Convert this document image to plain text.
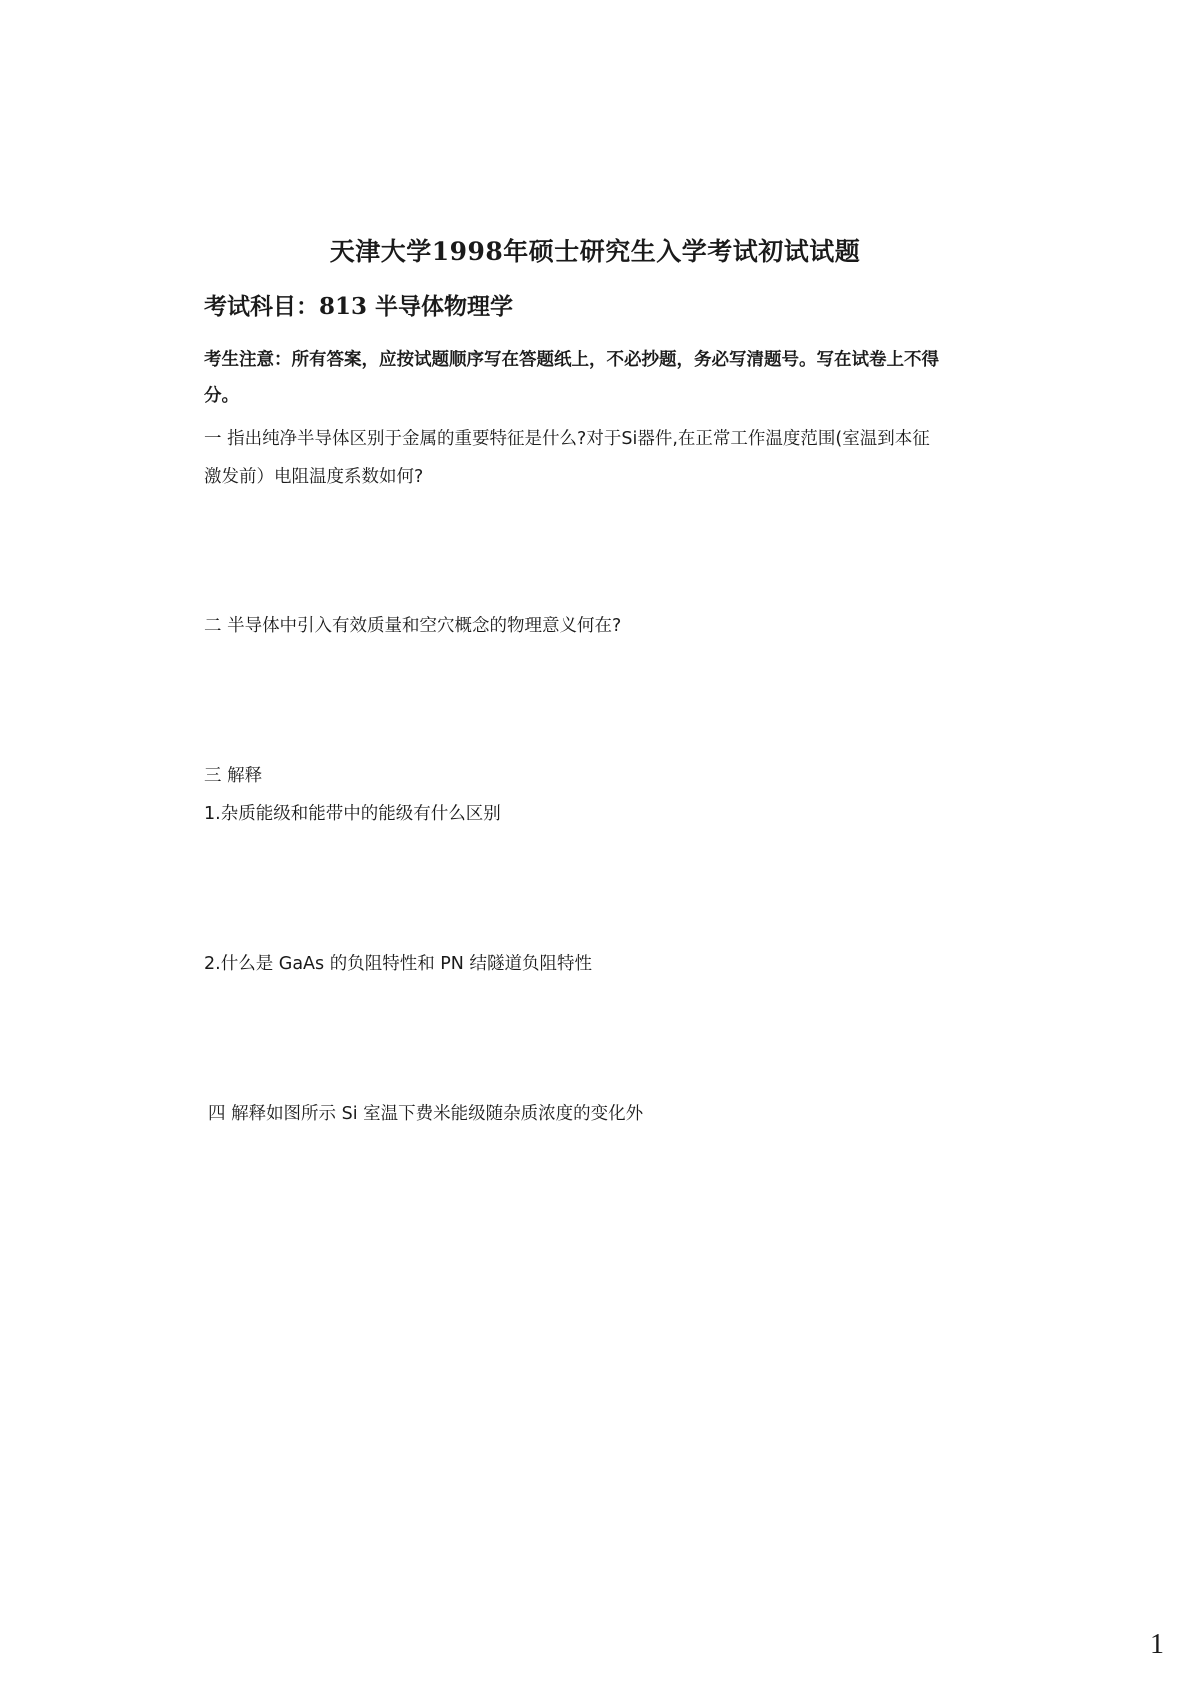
天津大学1998年硕士研究生入学考试初试试题
考试科目：813 半导体物理学

考生注意：所有答案，应按试题顺序写在答题纸上，不必抄题，务必写清题号。写在试卷上不得分。

一 指出纯净半导体区别于金属的重要特征是什么?对于Si器件,在正常工作温度范围(室温到本征激发前）电阻温度系数如何?

二 半导体中引入有效质量和空穴概念的物理意义何在?

三 解释

1.杂质能级和能带中的能级有什么区别

2.什么是 GaAs 的负阻特性和 PN 结隧道负阻特性

四 解释如图所示 Si 室温下费米能级随杂质浓度的变化外

1
